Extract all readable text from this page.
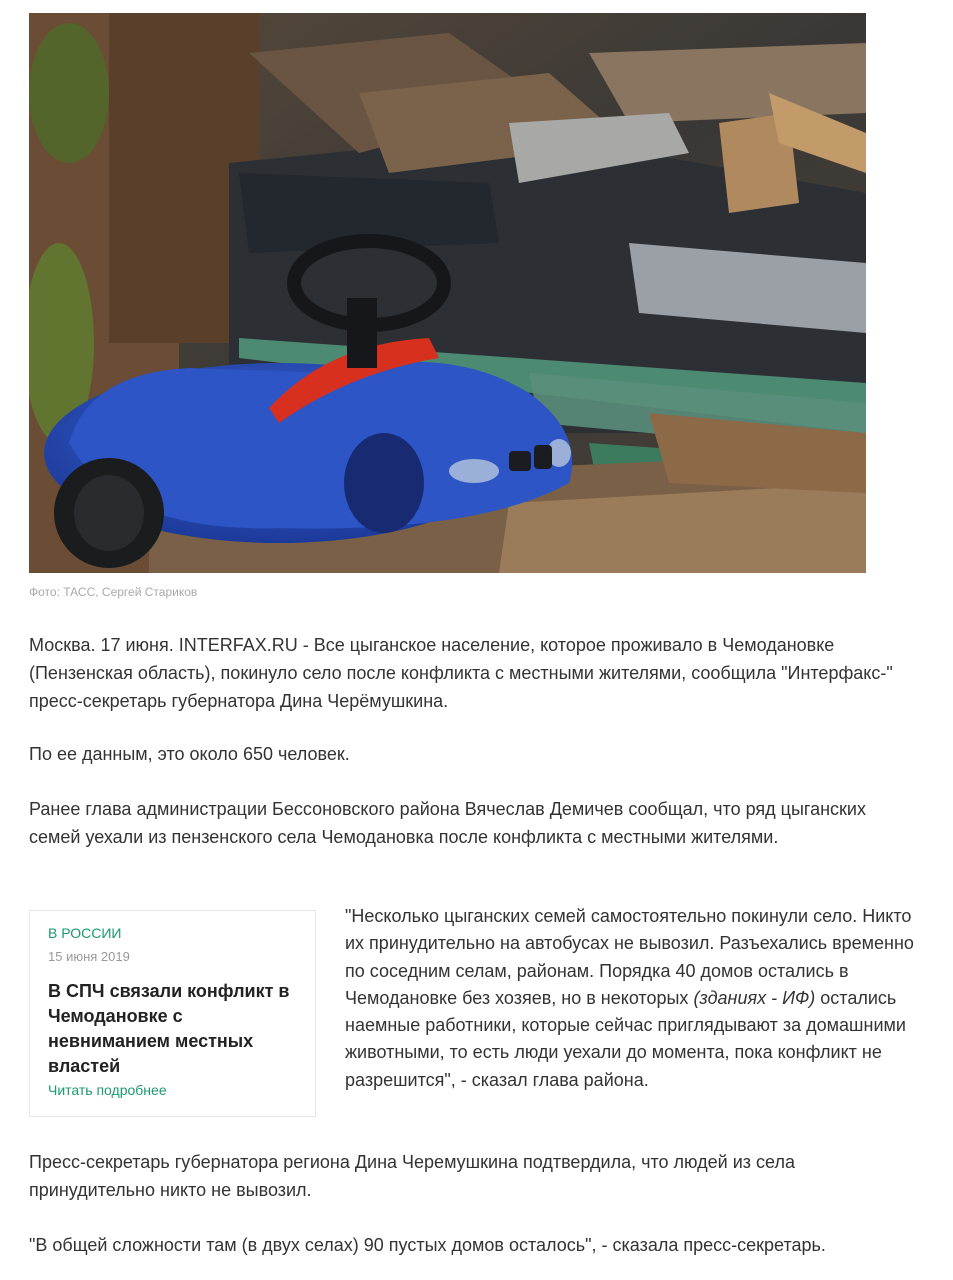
Фото: ТАСС, Сергей Стариков

Москва. 17 июня. INTERFAX.RU - Все цыганское население, которое проживало в Чемодановке (Пензенская область), покинуло село после конфликта с местными жителями, сообщила "Интерфакс-" пресс-секретарь губернатора Дина Черёмушкина.

По ее данным, это около 650 человек.

Ранее глава администрации Бессоновского района Вячеслав Демичев сообщал, что ряд цыганских семей уехали из пензенского села Чемодановка после конфликта с местными жителями.

В РОССИИ
15 июня 2019
В СПЧ связали конфликт в Чемодановке с невниманием местных властей
Читать подробнее

"Несколько цыганских семей самостоятельно покинули село. Никто их принудительно на автобусах не вывозил. Разъехались временно по соседним селам, районам. Порядка 40 домов остались в Чемодановке без хозяев, но в некоторых (зданиях - ИФ) остались наемные работники, которые сейчас приглядывают за домашними животными, то есть люди уехали до момента, пока конфликт не разрешится", - сказал глава района.

Пресс-секретарь губернатора региона Дина Черемушкина подтвердила, что людей из села принудительно никто не вывозил.

"В общей сложности там (в двух селах) 90 пустых домов осталось", - сказала пресс-секретарь.
